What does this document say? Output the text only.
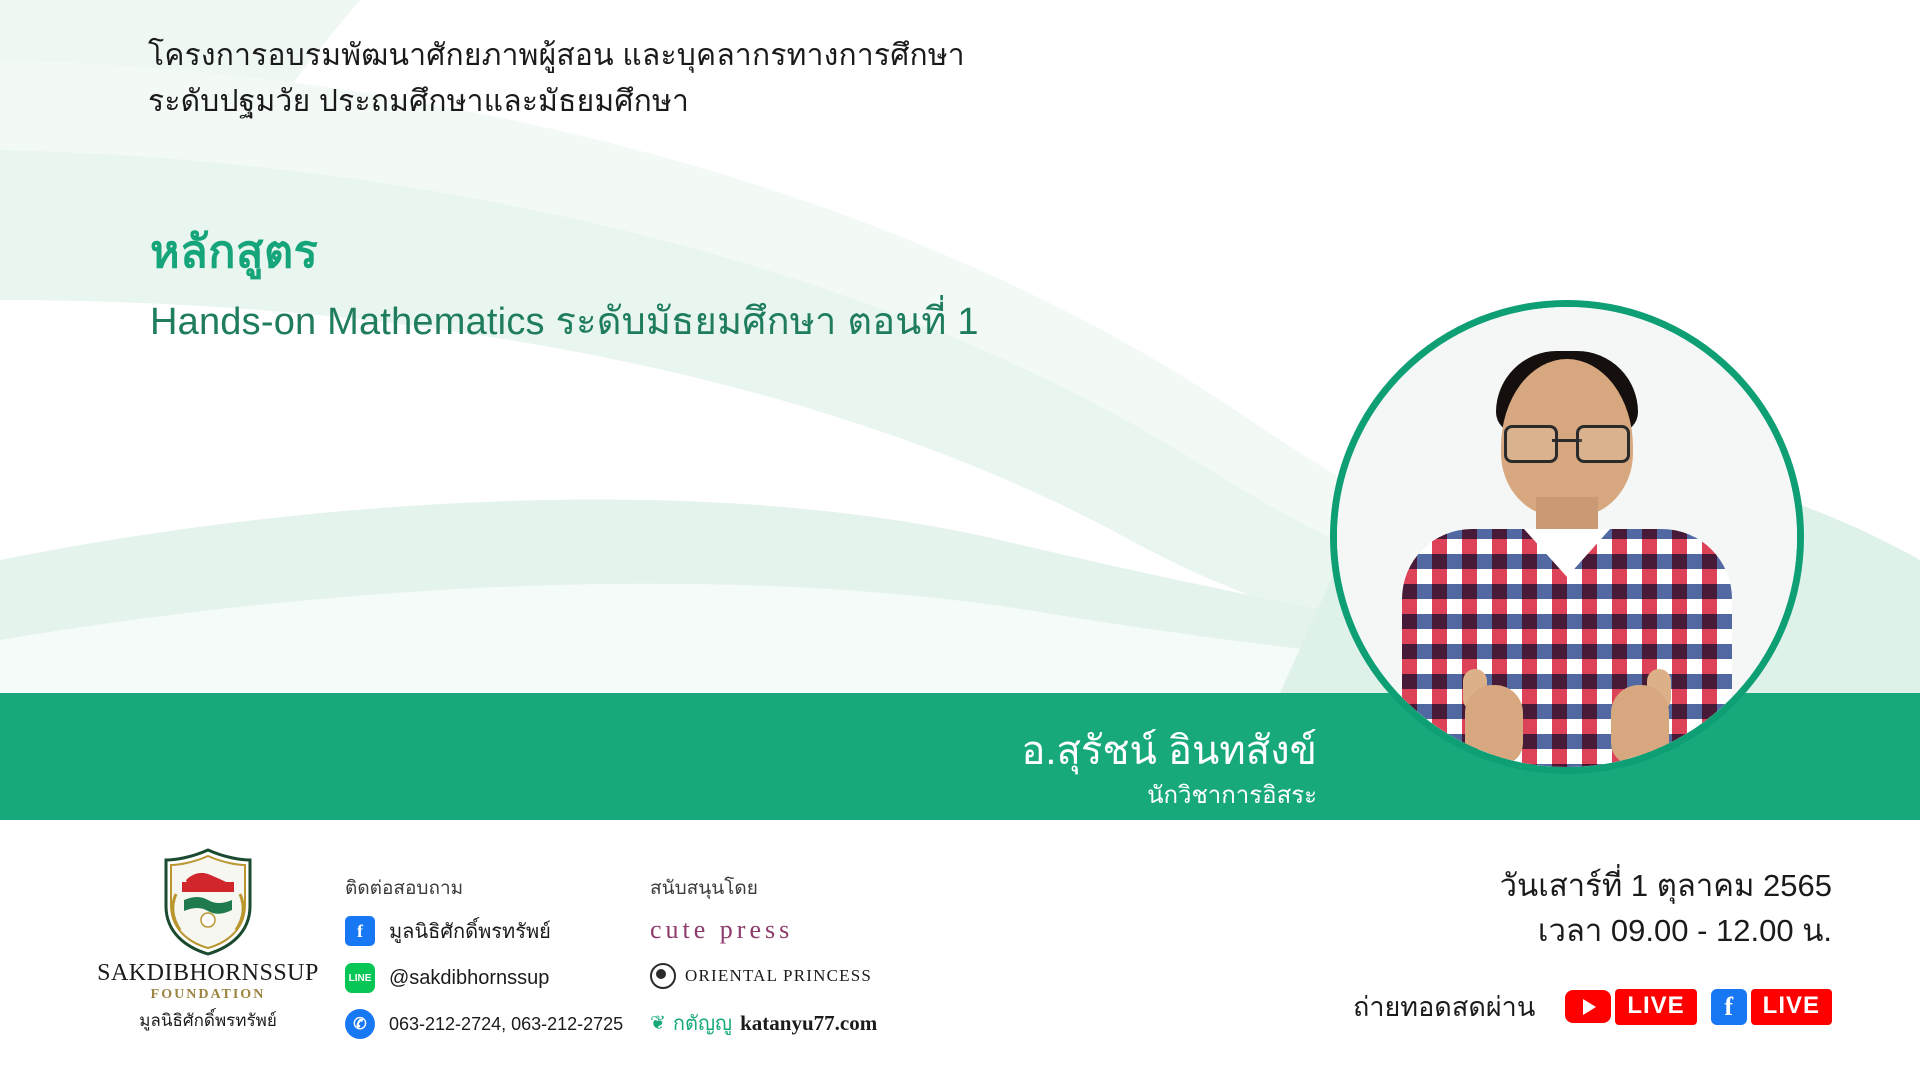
โครงการอบรมพัฒนาศักยภาพผู้สอน และบุคลากรทางการศึกษา
ระดับปฐมวัย ประถมศึกษาและมัธยมศึกษา
หลักสูตร
Hands-on Mathematics ระดับมัธยมศึกษา ตอนที่ 1
อ.สุรัชน์ อินทสังข์
นักวิชาการอิสระ
SAKDIBHORNSSUP
FOUNDATION
มูลนิธิศักดิ์พรทรัพย์
ติดต่อสอบถาม
f	มูลนิธิศักดิ์พรทรัพย์
LINE @sakdibhornssup
✆	063-212-2724, 063-212-2725
สนับสนุนโดย
cute press
ORIENTAL PRINCESS
❦ กตัญญู katanyu77.com
วันเสาร์ที่ 1 ตุลาคม 2565
เวลา 09.00 - 12.00 น.
ถ่ายทอดสดผ่าน	LIVE	f	LIVE
